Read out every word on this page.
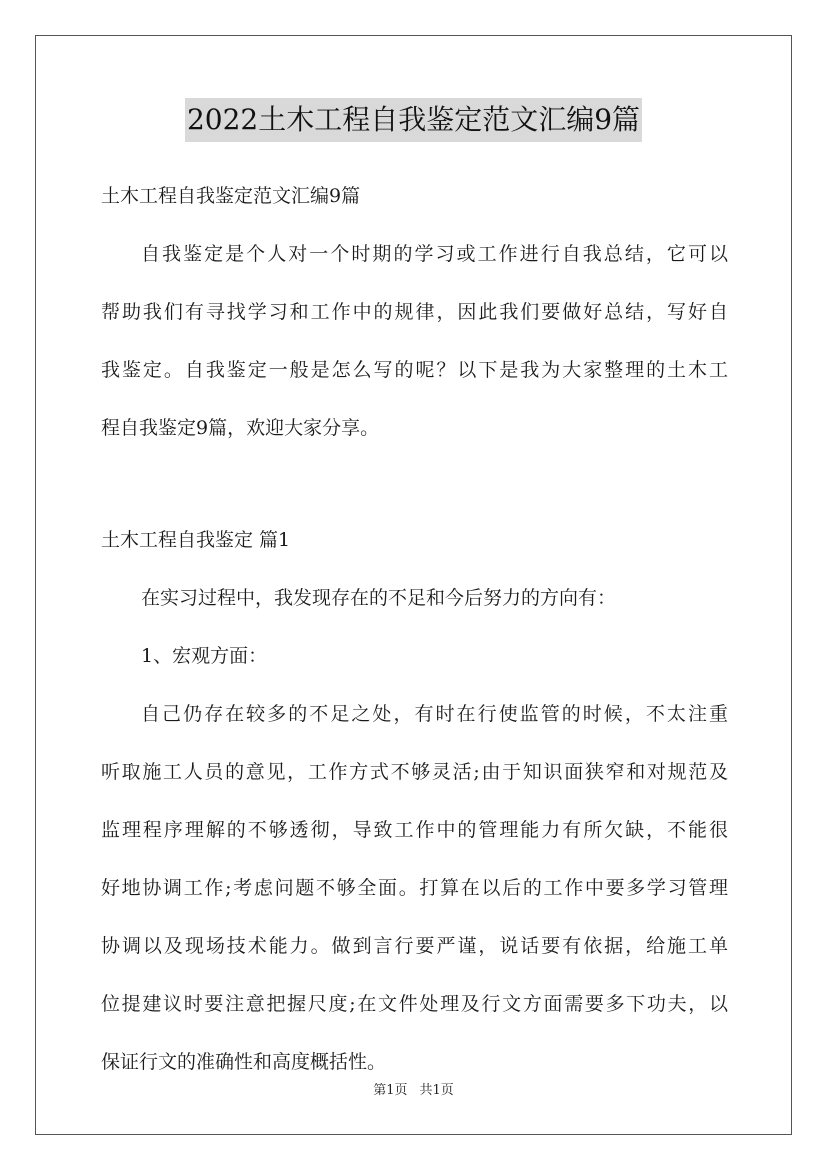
2022土木工程自我鉴定范文汇编9篇
土木工程自我鉴定范文汇编9篇
自我鉴定是个人对一个时期的学习或工作进行自我总结，它可以
帮助我们有寻找学习和工作中的规律，因此我们要做好总结，写好自
我鉴定。自我鉴定一般是怎么写的呢？以下是我为大家整理的土木工
程自我鉴定9篇，欢迎大家分享。
土木工程自我鉴定 篇1
在实习过程中，我发现存在的不足和今后努力的方向有：
1、宏观方面：
自己仍存在较多的不足之处，有时在行使监管的时候，不太注重
听取施工人员的意见，工作方式不够灵活;由于知识面狭窄和对规范及
监理程序理解的不够透彻，导致工作中的管理能力有所欠缺，不能很
好地协调工作;考虑问题不够全面。打算在以后的工作中要多学习管理
协调以及现场技术能力。做到言行要严谨，说话要有依据，给施工单
位提建议时要注意把握尺度;在文件处理及行文方面需要多下功夫，以
保证行文的准确性和高度概括性。
第1页 共1页
